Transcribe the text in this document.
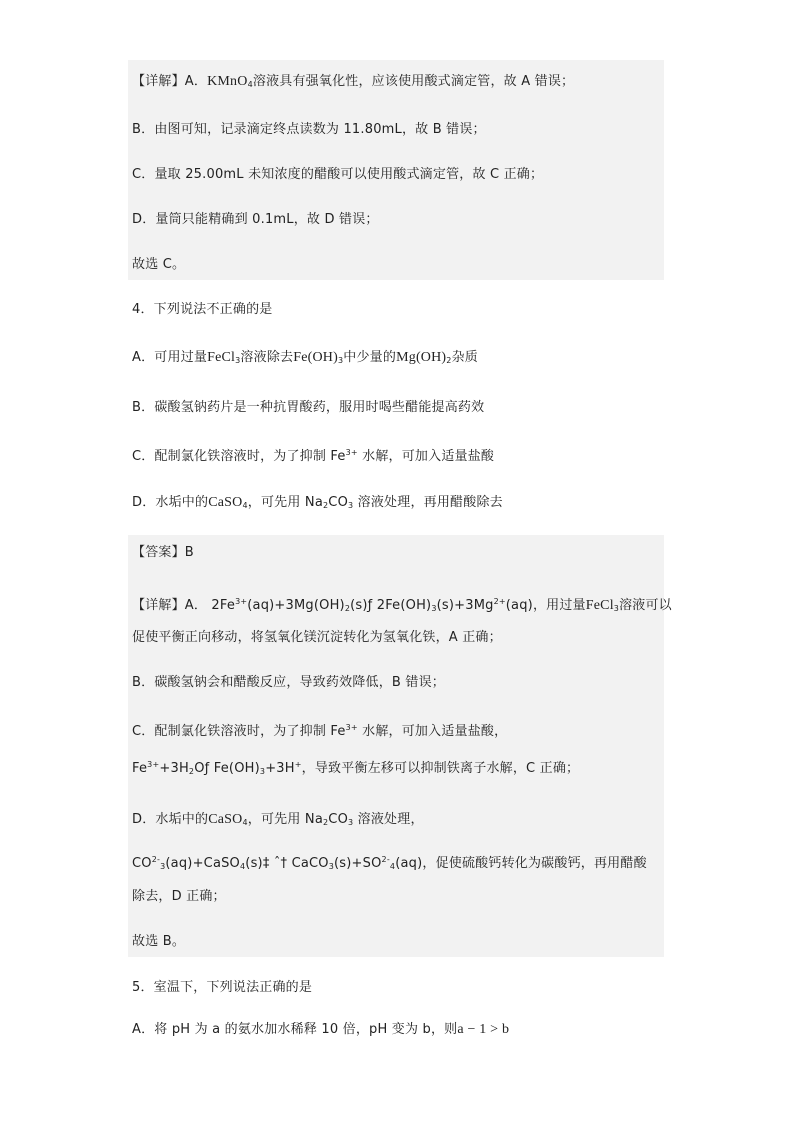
【详解】A．KMnO$_4$溶液具有强氧化性，应该使用酸式滴定管，故 A 错误；
B．由图可知，记录滴定终点读数为 11.80mL，故 B 错误；
C．量取 25.00mL 未知浓度的醋酸可以使用酸式滴定管，故 C 正确；
D．量筒只能精确到 0.1mL，故 D 错误；
故选 C。
4．下列说法不正确的是
A．可用过量FeCl$_3$溶液除去$Fe(OH)_3$中少量的$Mg(OH)_2$杂质
B．碳酸氢钠药片是一种抗胃酸药，服用时喝些醋能提高药效
C．配制氯化铁溶液时，为了抑制 $Fe^{3+}$ 水解，可加入适量盐酸
D．水垢中的CaSO$_4$，可先用 $Na_2CO_3$ 溶液处理，再用醋酸除去
【答案】B
【详解】A． $2Fe^{3+}(aq)+3Mg(OH)_2(s)ƒ$ $2Fe(OH)_3(s)+3Mg^{2+}(aq)$，用过量FeCl$_3$溶液可以
促使平衡正向移动，将氢氧化镁沉淀转化为氢氧化铁，A 正确；
B．碳酸氢钠会和醋酸反应，导致药效降低，B 错误；
C．配制氯化铁溶液时，为了抑制 $Fe^{3+}$ 水解，可加入适量盐酸，
$Fe^{3+}+3H_2Oƒ$ $Fe(OH)_3+3H^+$，导致平衡左移可以抑制铁离子水解，C 正确；
D．水垢中的CaSO$_4$，可先用 $Na_2CO_3$ 溶液处理，
$CO^{2-}_3(aq)+CaSO_4(s)\ddagger$ ˆ† $CaCO_3(s)+SO^{2-}_4(aq)$，促使硫酸钙转化为碳酸钙，再用醋酸
除去，D 正确；
故选 B。
5．室温下，下列说法正确的是
A．将 pH 为 a 的氨水加水稀释 10 倍，pH 变为 b，则a − 1 > b
